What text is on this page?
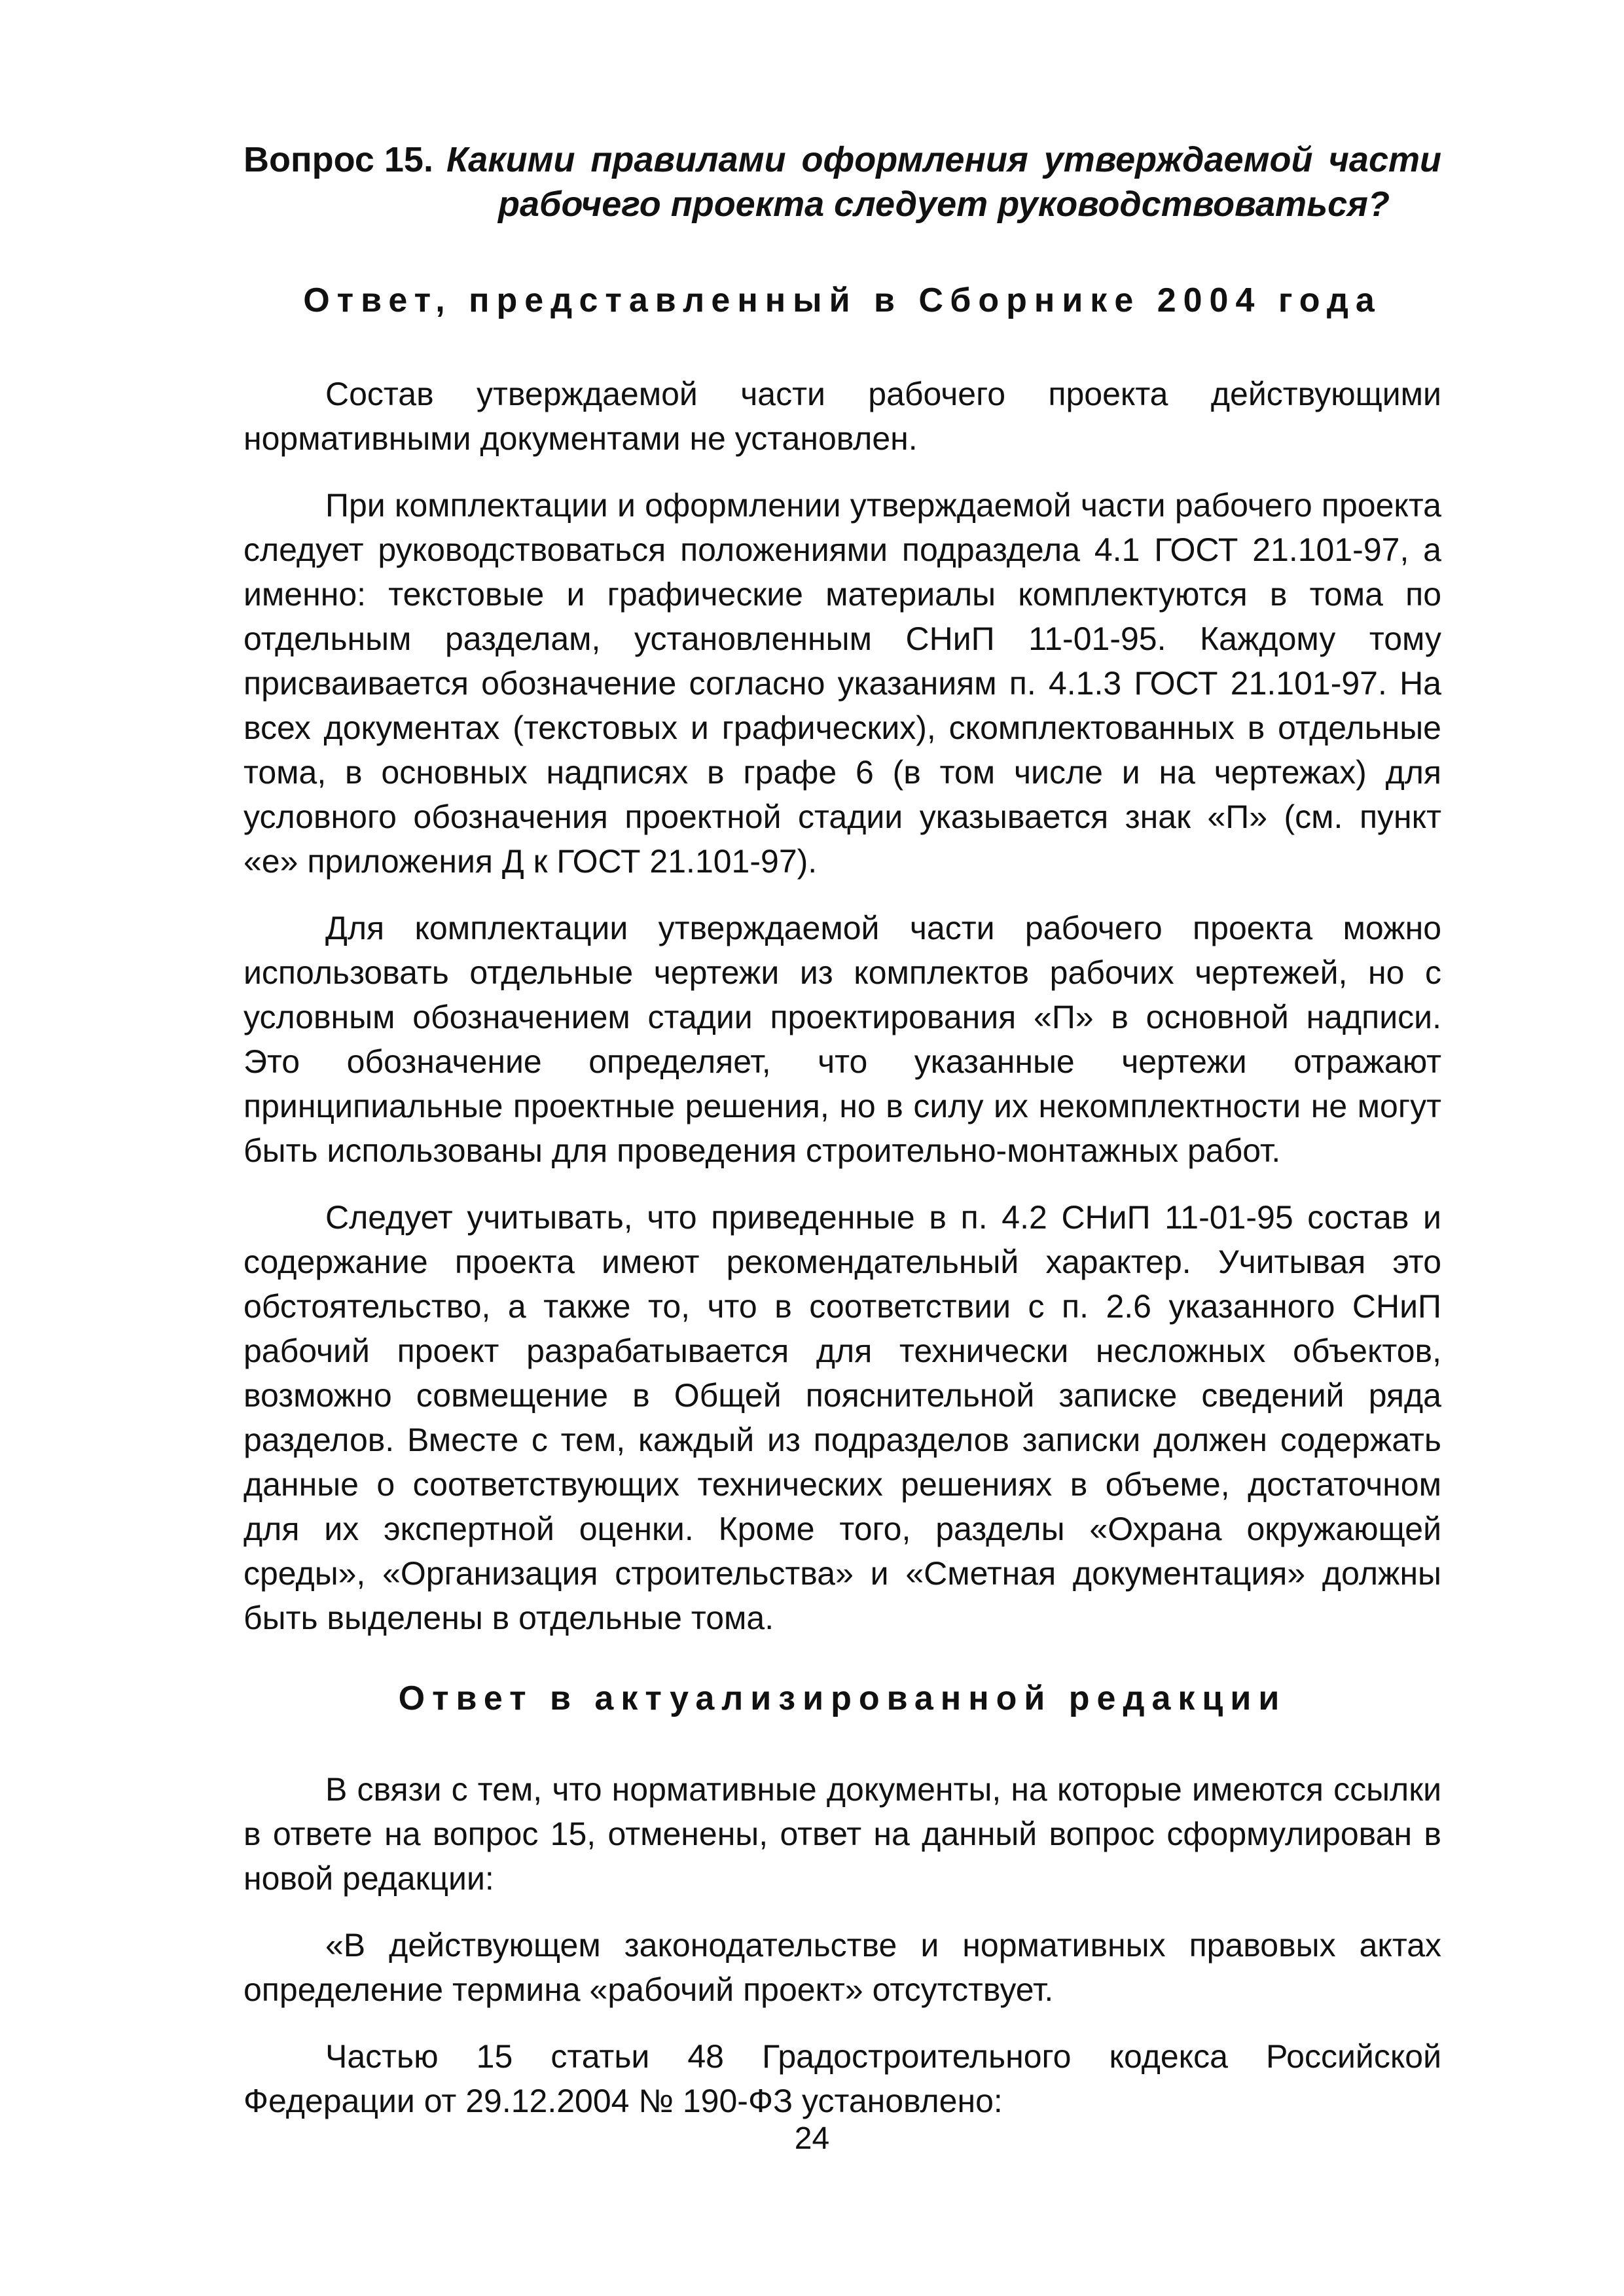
Вопрос 15. Какими правилами оформления утверждаемой части рабочего проекта следует руководствоваться?
Ответ, представленный в Сборнике 2004 года
Состав утверждаемой части рабочего проекта действующими нормативными документами не установлен.
При комплектации и оформлении утверждаемой части рабочего проекта следует руководствоваться положениями подраздела 4.1 ГОСТ 21.101-97, а именно: текстовые и графические материалы комплектуются в тома по отдельным разделам, установленным СНиП 11-01-95. Каждому тому присваивается обозначение согласно указаниям п. 4.1.3 ГОСТ 21.101-97. На всех документах (текстовых и графических), скомплектованных в отдельные тома, в основных надписях в графе 6 (в том числе и на чертежах) для условного обозначения проектной стадии указывается знак «П» (см. пункт «е» приложения Д к ГОСТ 21.101-97).
Для комплектации утверждаемой части рабочего проекта можно использовать отдельные чертежи из комплектов рабочих чертежей, но с условным обозначением стадии проектирования «П» в основной надписи. Это обозначение определяет, что указанные чертежи отражают принципиальные проектные решения, но в силу их некомплектности не могут быть использованы для проведения строительно-монтажных работ.
Следует учитывать, что приведенные в п. 4.2 СНиП 11-01-95 состав и содержание проекта имеют рекомендательный характер. Учитывая это обстоятельство, а также то, что в соответствии с п. 2.6 указанного СНиП рабочий проект разрабатывается для технически несложных объектов, возможно совмещение в Общей пояснительной записке сведений ряда разделов. Вместе с тем, каждый из подразделов записки должен содержать данные о соответствующих технических решениях в объеме, достаточном для их экспертной оценки. Кроме того, разделы «Охрана окружающей среды», «Организация строительства» и «Сметная документация» должны быть выделены в отдельные тома.
Ответ в актуализированной редакции
В связи с тем, что нормативные документы, на которые имеются ссылки в ответе на вопрос 15, отменены, ответ на данный вопрос сформулирован в новой редакции:
«В действующем законодательстве и нормативных правовых актах определение термина «рабочий проект» отсутствует.
Частью 15 статьи 48 Градостроительного кодекса Российской Федерации от 29.12.2004 № 190-ФЗ установлено:
24
